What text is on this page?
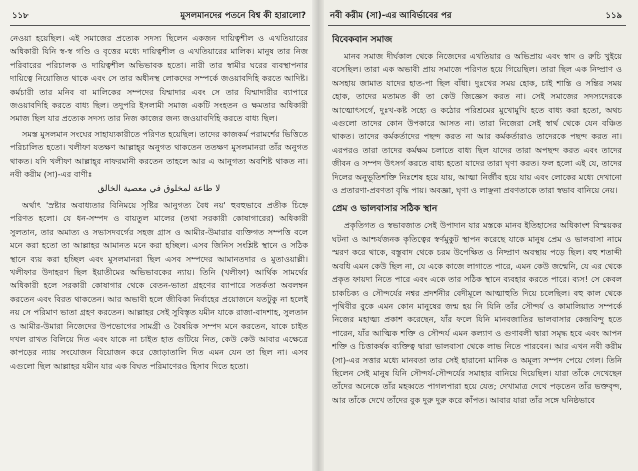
১১৮	মুসলমানদের পতনে বিশ্ব কী হারালো?

নেওয়া হয়েছিল। এই সমাজের প্রত্যেক সদস্য ছিলেন একজন দায়িত্বশীল ও এখতিয়ারের অধিকারী যিনি স্ব-স্ব গণ্ডি ও বৃত্তের মধ্যে দায়িত্বশীল ও এখতিয়ারের মালিক। মানুষ তার নিজ পরিবারের পরিচালক ও দায়িত্বশীল অভিভাবক হতো। নারী তার স্বামীর ঘরের ব্যবস্থাপনার দায়িত্বে নিয়োজিত থাকে এবং সে তার অধীনস্থ লোকদের সম্পর্কে জওয়াবদিহি করতে আদিষ্ট। কর্মচারী তার মনিব বা মালিকের সম্পদের যিম্মাদার এবং সে তার যিম্মাদারীর ব্যাপারে জওয়াবদিহি করতে বাধ্য ছিল। তদুপরি ইসলামী সমাজ একটি সংহতন ও ক্ষমতার অধিকারী সমাজ ছিল যার প্রত্যেক সদস্য তার নিজ কাজের জন্য জওয়াবদিহি করতে বাধ্য ছিল।

সমস্ত মুসলমান সংঘের সাহায্যকারীতে পরিণত হয়েছিল। তাদের কাজকর্ম পরামর্শের ভিত্তিতে পরিচালিত হতো। খলীফা যতক্ষণ আল্লাহ্‌র অনুগত থাকতেন ততক্ষণ মুসলমানরা তাঁর অনুগত থাকত। যদি খলীফা আল্লাহ্‌র নাফরমানী করতেন তাহলে আর এ আনুগত্য অবশিষ্ট থাকত না। নবী করীম (সা)-এর বাণীঃ

لا طاعة لمخلوق في معصية الخالق

অর্থাৎ 'স্রষ্টার অবাধ্যতার বিনিময়ে সৃষ্টির আনুগত্য বৈধ নয়' হুবহুভাবে প্রতীক চিহ্নে পরিণত হলো। যে ধন-সম্পদ ও বায়তুল মালের (তথা সরকারী কোষাগারের) অধিকারী সুলতান, তার অমাত্য ও সভাসদবর্গের সহজ গ্রাস ও আমীর-উমারার ব্যক্তিগত সম্পত্তি বলে মনে করা হতো তা আল্লাহর আমানত মনে করা হচ্ছিল। এসব জিনিস সংশ্লিষ্ট স্থানে ও সঠিক স্থানে ব্যয় করা হচ্ছিল এবং মুসলমানরা ছিল এসব সম্পদের আমানতদার ও মুতাওয়াল্লী। খলীফার উদাহরণ ছিল ইয়াতীমের অভিভাবকের ন্যায়। তিনি (খলীফা) আর্থিক সামর্থের অধিকারী হলে সরকারী কোষাগার থেকে বেতন-ভাতা গ্রহণের ব্যাপারে সতর্কতা অবলম্বন করতেন এবং বিরত থাকতেন। আর অভাবী হলে জীবিকা নির্বাহের প্রয়োজনে যতটুকু না হলেই নয় সে পরিমাণ ভাতা গ্রহণ করতেন। আল্লাহর সেই সুবিস্তৃত যমীন যাকে রাজা-বাদশাহ, সুলতান ও আমীর-উমারা নিজেদের উপভোগের সামগ্রী ও বৈষয়িক সম্পদ মনে করতেন, যাকে চাইত দখল রাখত বিলিয়ে দিত এবং যাকে না চাইত হাত গুটিয়ে নিত, কেউ কেউ আবার এক্ষেত্রে কাপড়ের ন্যায় সংযোজন বিয়োজন করে জোড়াতালি দিত এমন যেন তা ছিল না। এসব এগুলো ছিল আল্লাহর যমীন যার এক বিঘত পরিমাণেরও হিসাব দিতে হতো।

নবী করীম (সা)-এর আবির্ভাবের পর	১১৯
বিবেকবান সমাজ

মানব সমাজ দীর্ঘকাল থেকে নিজেদের এখতিয়ার ও অভিপ্রায় এবং স্বাদ ও রুচি খুইয়ে বসেছিল। তারা এক অভাবী প্রায় সমাজে পরিণত হয়ে গিয়েছিল। তারা ছিল এক নিষ্প্রাণ ও অসহায় জামাত যাদের হাত-পা ছিল বাঁধা। দুঃখের সময় হোক, চাই শান্তি ও সন্তির সময় হোক, তাদের মতামত কী তা কেউ জিজ্ঞেস করত না। সেই সমাজের সদস্যদেরকে আত্মোৎসর্গে, দুঃখ-কষ্ট সহ্যে ও কঠোর পরিশ্রমের মুখোমুখি হতে বাধ্য করা হতো, অথচ এগুলো তাদের কোন উপকারে আসত না। তারা নিজেরা সেই স্বার্থ থেকে যেন বঞ্চিত থাকত। তাদের কর্মকর্তাদের পছন্দ করত না আর কর্মকর্তারাও তাদেরকে পছন্দ করত না। এরপরও তারা তাদের কর্মক্ষম চলাতে বাধ্য ছিল যাদের তারা অপছন্দ করত এবং তাদের জীবন ও সম্পদ উৎসর্গ করতে বাধ্য হতো যাদের তারা ঘৃণা করত। ফল হলো এই যে, তাদের দিলের অনুভূতিশক্তি নিঃশেষ হয়ে যায়, আত্মা নির্জীব হয়ে যায় এবং লোকের মধ্যে দেখানো ও প্রতারণা-প্রবণতা বৃদ্ধি পায়। অবজ্ঞা, ঘৃণা ও লাঞ্ছনা প্রবণতাকে তারা স্বভাব বানিয়ে নেয়।

প্রেম ও ভালবাসার সঠিক স্থান

প্রকৃতিগত ও স্বভাবজাত সেই উপাদান যার মস্তকে মানব ইতিহাসের অধিকাংশ বিস্ময়কর ঘটনা ও আশ্চর্যজনক কৃতিত্বের স্বর্ণমুকুট স্থাপন করেছে যাকে মানুষ প্রেম ও ভালবাসা নামে স্মরণ করে থাকে, বস্তুবাদ থেকে চরম উপেক্ষিত ও নিষ্প্রাণ অবস্থায় পড়ে ছিল। বহু শতাব্দী অবধি এমন কেউ ছিল না, যে একে কাজে লাগাতে পারে, এমন কেউ জন্মেনি, যে এর থেকে প্রকৃত ফায়দা নিতে পারে এবং একে তার সঠিক স্থানে ব্যবহার করতে পারে। ব্যস! সে কেবল চাকচিক্য ও সৌন্দর্যের নশ্বর প্রদর্শনীর বেদীমূলে আত্মাহুতি দিয়ে চলেছিল। বহু কাল থেকে পৃথিবীর বুকে এমন কোন মানুষের জন্ম হয় নি যিনি তাঁর সৌন্দর্য ও কামালিয়াত সম্পর্কে নিজের মহাত্ম্য প্রকাশ করেছেন, যাঁর ফলে যিনি মানবজাতির ভালবাসার কেন্দ্রবিন্দু হতে পারেন, যাঁর আত্মিক শক্তি ও সৌন্দর্য এমন কল্যাণ ও গুণাবলী দ্বারা সমৃদ্ধ হবে এবং আপন শক্তি ও চিত্তাকর্ষক ব্যক্তিত্ব দ্বারা ভালবাসা থেকে লাভ নিতে পারবেন। আর এখন নবী করীম (সা)-এর সত্তার মধ্যে মানবতা তার সেই হারানো মানিক ও অমূল্য সম্পদ পেয়ে গেল। তিনি ছিলেন সেই মানুষ যিনি সৌন্দর্য-সৌন্দর্যের সমাহার বানিয়ে দিয়েছিল। যারা তাঁকে দেখেছেন তাঁদের অনেকে তাঁর মহব্বতে পাগলপারা হয়ে যেত; দেখামাত্র দেখে পড়তেন তাঁর ভক্তবৃন্দ, আর তাঁকে দেখে তাঁদের বুক দুরু দুরু করে কাঁপত। আবার যারা তাঁর সঙ্গে ঘনিষ্ঠভাবে
